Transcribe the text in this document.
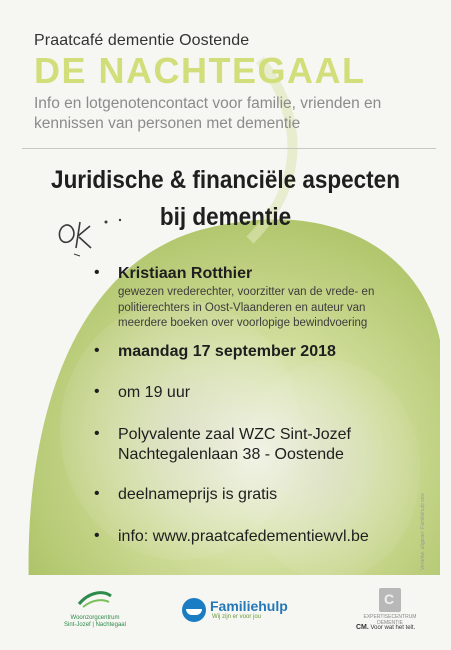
Praatcafé dementie Oostende
DE NACHTEGAAL
Info en lotgenotencontact voor familie, vrienden en
kennissen van personen met dementie
Juridische & financiële aspecten
bij dementie
• Kristiaan Rotthier
gewezen vrederechter, voorzitter van de vrede- en
politierechters in Oost-Vlaanderen en auteur van
meerdere boeken over voorlopige bewindvoering
• maandag 17 september 2018
• om 19 uur
• Polyvalente zaal WZC Sint-Jozef
Nachtegalenlaan 38 - Oostende
• deelnameprijs is gratis
• info: www.praatcafedementiewvl.be	Verantw. uitgever: Familiehulp vzw
Woonzorgcentrum
Sint-Jozef | Nachtegaal
Familiehulp
Wij zijn er voor jou
C	EXPERTISECENTRUM DEMENTIE
CM. Voor wat het telt.
